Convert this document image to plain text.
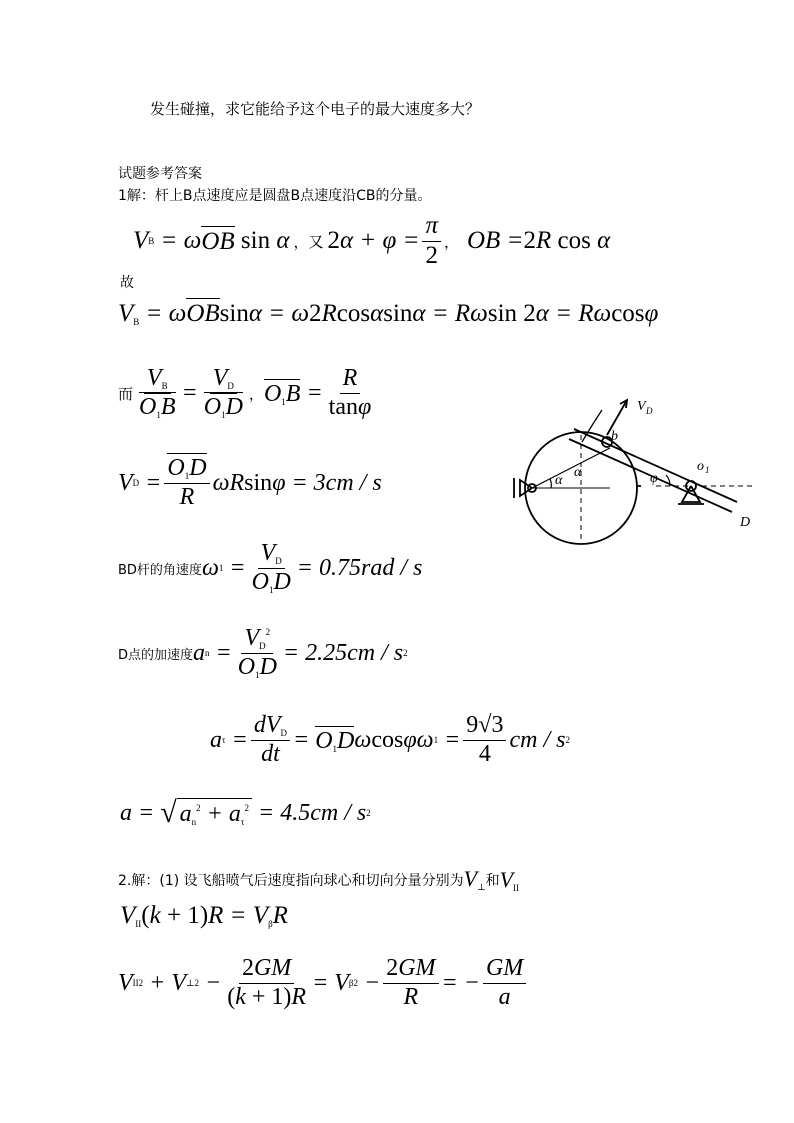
发生碰撞，求它能给予这个电子的最大速度多大？
试题参考答案
1解：杆上B点速度应是圆盘B点速度沿CB的分量。
V B = ω OB sin α ，又 2 $\alpha + \varphi = \frac{\pi}{2}$ ， OB = 2 R cos α
故
VB = ωOBsinα = ω2Rcosαsinα = Rωsin 2α = Rωcosφ
而 $\frac{VB}{O1B} = \frac{VD}{O1D}$ ， $O1B = \frac{R}{\tan\varphi}$
V $D = \frac{O1D}{R}$ ωR sin φ = 3cm / s
BD杆的角速度 ω $1 = \frac{VD}{O1D} = 0.75rad / s$
D点的加速度 a $n = \frac{VD^2}{O1D} = 2.25cm / s$ 2
a $\tau = \frac{\text{dVD}}{dt} = O1D$ ω cos φω $1 = \frac{9√3}{4}$ cm / s 2
a = √ $an^2 + a\tau^2 = 4.5cm / s$ 2
2.解：(1) 设飞船喷气后速度指向球心和切向分量分别为 V⊥ 和 VII
VII(k + 1)R = VβR
V II 2 + V ⊥ $2 - \frac{2GM}{(k + 1)R} = V$ β $2 - \frac{2GM}{R}$ = − $\frac{GM}{a}$
α
α	φ
b
V D
o 1
D
